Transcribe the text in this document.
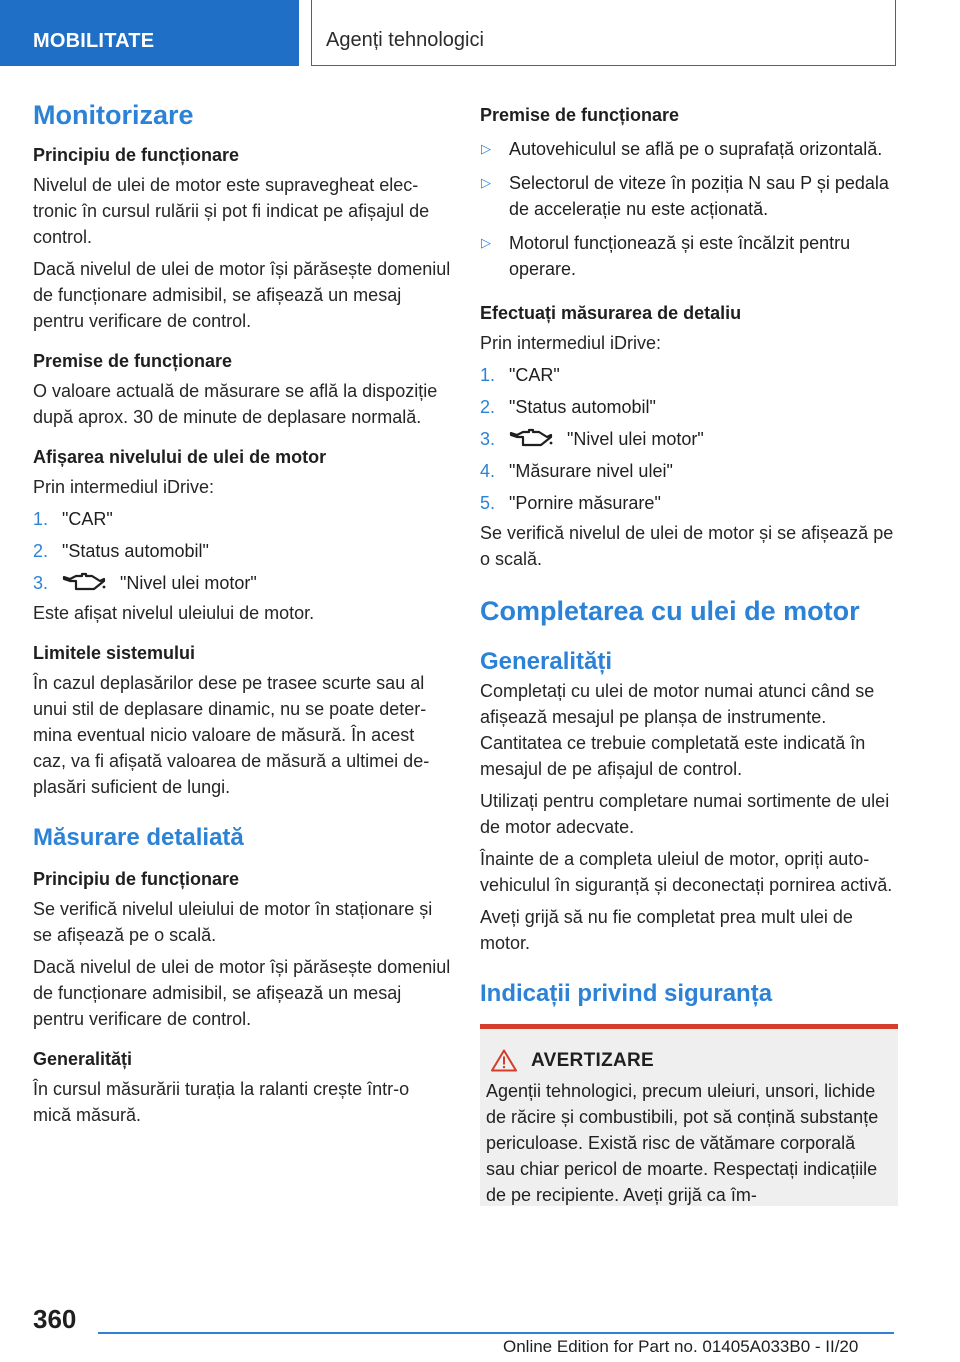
MOBILITATE	Agenți tehnologici
Monitorizare
Principiu de funcționare
Nivelul de ulei de motor este supravegheat electronic în cursul rulării și pot fi indicat pe afișajul de control.
Dacă nivelul de ulei de motor își părăsește domeniul de funcționare admisibil, se afișează un mesaj pentru verificare de control.
Premise de funcționare
O valoare actuală de măsurare se află la dispoziție după aprox. 30 de minute de deplasare normală.
Afișarea nivelului de ulei de motor
Prin intermediul iDrive:
1. "CAR"
2. "Status automobil"
3.	"Nivel ulei motor"
Este afișat nivelul uleiului de motor.
Limitele sistemului
În cazul deplasărilor dese pe trasee scurte sau al unui stil de deplasare dinamic, nu se poate determina eventual nicio valoare de măsură. În acest caz, va fi afișată valoarea de măsură a ultimei deplasări suficient de lungi.
Măsurare detaliată
Principiu de funcționare
Se verifică nivelul uleiului de motor în staționare și se afișează pe o scală.
Dacă nivelul de ulei de motor își părăsește domeniul de funcționare admisibil, se afișează un mesaj pentru verificare de control.
Generalități
În cursul măsurării turația la ralanti crește într-o mică măsură.
Premise de funcționare
▷	Autovehiculul se află pe o suprafață orizontală.
▷	Selectorul de viteze în poziția N sau P și pedala de accelerație nu este acționată.
▷	Motorul funcționează și este încălzit pentru operare.
Efectuați măsurarea de detaliu
Prin intermediul iDrive:
1. "CAR"
2. "Status automobil"
3.	"Nivel ulei motor"
4. "Măsurare nivel ulei"
5. "Pornire măsurare"
Se verifică nivelul de ulei de motor și se afișează pe o scală.
Completarea cu ulei de motor
Generalități
Completați cu ulei de motor numai atunci când se afișează mesajul pe planșa de instrumente. Cantitatea ce trebuie completată este indicată în mesajul de pe afișajul de control.
Utilizați pentru completare numai sortimente de ulei de motor adecvate.
Înainte de a completa uleiul de motor, opriți autovehiculul în siguranță și deconectați pornirea activă.
Aveți grijă să nu fie completat prea mult ulei de motor.
Indicații privind siguranța
AVERTIZARE
Agenții tehnologici, precum uleiuri, unsori, lichide de răcire și combustibili, pot să conțină substanțe periculoase. Există risc de vătămare corporală sau chiar pericol de moarte. Respectați indicațiile de pe recipiente. Aveți grijă ca îm-
360
Online Edition for Part no. 01405A033B0 - II/20
